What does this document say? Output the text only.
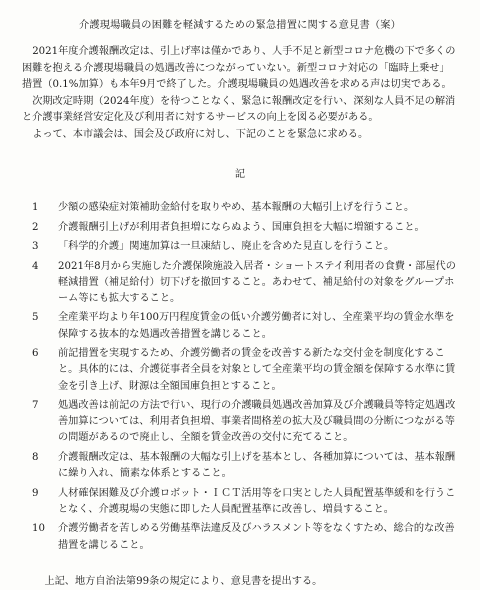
介護現場職員の困難を軽減するための緊急措置に関する意見書（案）

2021年度介護報酬改定は、引上げ率は僅かであり、人手不足と新型コロナ危機の下で多くの困難を抱える介護現場職員の処遇改善につながっていない。新型コロナ対応の「臨時上乗せ」措置（0.1%加算）も本年9月で終了した。介護現場職員の処遇改善を求める声は切実である。

次期改定時期（2024年度）を待つことなく、緊急に報酬改定を行い、深刻な人員不足の解消と介護事業経営安定化及び利用者に対するサービスの向上を図る必要がある。

よって、本市議会は、国会及び政府に対し、下記のことを緊急に求める。

記
1	少額の感染症対策補助金給付を取りやめ、基本報酬の大幅引上げを行うこと。
2	介護報酬引上げが利用者負担増にならぬよう、国庫負担を大幅に増額すること。
3	「科学的介護」関連加算は一旦凍結し、廃止を含めた見直しを行うこと。
4	2021年8月から実施した介護保険施設入居者・ショートステイ利用者の食費・部屋代の軽減措置（補足給付）切下げを撤回すること。あわせて、補足給付の対象をグループホーム等にも拡大すること。
5	全産業平均より年100万円程度賃金の低い介護労働者に対し、全産業平均の賃金水準を保障する抜本的な処遇改善措置を講じること。
6	前記措置を実現するため、介護労働者の賃金を改善する新たな交付金を制度化すること。具体的には、介護従事者全員を対象として全産業平均の賃金額を保障する水準に賃金を引き上げ、財源は全額国庫負担とすること。
7	処遇改善は前記の方法で行い、現行の介護職員処遇改善加算及び介護職員等特定処遇改善加算については、利用者負担増、事業者間格差の拡大及び職員間の分断につながる等の問題があるので廃止し、全額を賃金改善の交付に充てること。
8	介護報酬改定は、基本報酬の大幅な引上げを基本とし、各種加算については、基本報酬に繰り入れ、簡素な体系とすること。
9	人材確保困難及び介護ロボット・ＩＣＴ活用等を口実とした人員配置基準緩和を行うことなく、介護現場の実態に即した人員配置基準に改善し、増員すること。
10	介護労働者を苦しめる労働基準法違反及びハラスメント等をなくすため、総合的な改善措置を講じること。

上記、地方自治法第99条の規定により、意見書を提出する。
